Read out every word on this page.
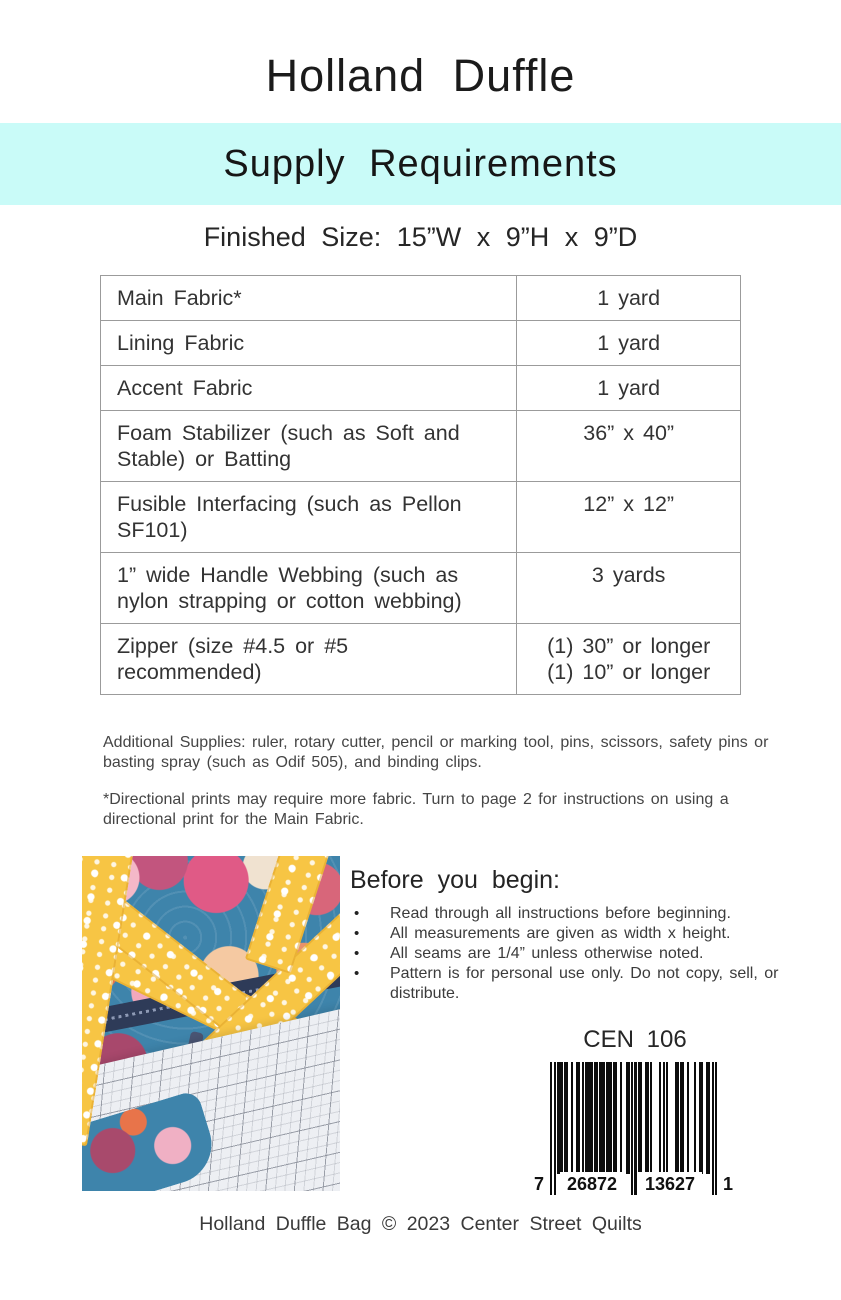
Holland Duffle
Supply Requirements
Finished Size: 15”W x 9”H x 9”D
Main Fabric*	1 yard

Lining Fabric	1 yard

Accent Fabric	1 yard

Foam Stabilizer (such as Soft and Stable) or Batting	36” x 40”

Fusible Interfacing (such as Pellon SF101)	12” x 12”

1” wide Handle Webbing (such as nylon strapping or cotton webbing)	3 yards

Zipper (size #4.5 or #5 recommended)	(1) 30” or longer
(1) 10” or longer

Additional Supplies: ruler, rotary cutter, pencil or marking tool, pins, scissors, safety pins or basting spray (such as Odif 505), and binding clips.

*Directional prints may require more fabric. Turn to page 2 for instructions on using a directional print for the Main Fabric.

Before you begin:
• Read through all instructions before beginning.
• All measurements are given as width x height.
• All seams are 1/4” unless otherwise noted.
• Pattern is for personal use only. Do not copy, sell, or distribute.
CEN 106
7	26872	13627	1
Holland Duffle Bag © 2023 Center Street Quilts
